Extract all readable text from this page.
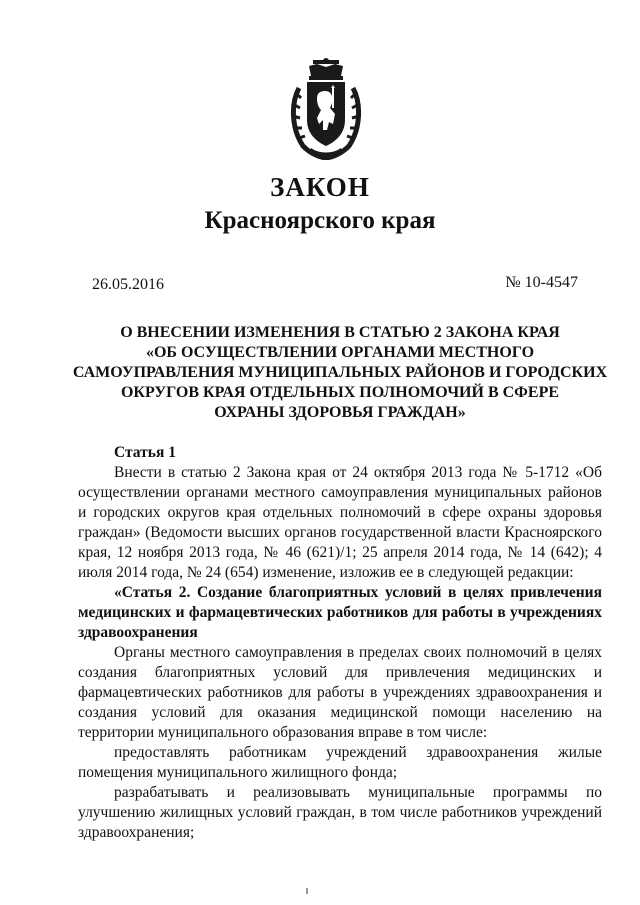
ЗАКОН
Красноярского края
26.05.2016	№ 10-4547
О ВНЕСЕНИИ ИЗМЕНЕНИЯ В СТАТЬЮ 2 ЗАКОНА КРАЯ
«ОБ ОСУЩЕСТВЛЕНИИ ОРГАНАМИ МЕСТНОГО
САМОУПРАВЛЕНИЯ МУНИЦИПАЛЬНЫХ РАЙОНОВ И ГОРОДСКИХ
ОКРУГОВ КРАЯ ОТДЕЛЬНЫХ ПОЛНОМОЧИЙ В СФЕРЕ
ОХРАНЫ ЗДОРОВЬЯ ГРАЖДАН»
Статья 1

Внести в статью 2 Закона края от 24 октября 2013 года № 5-1712 «Об осуществлении органами местного самоуправления муниципальных районов и городских округов края отдельных полномочий в сфере охраны здоровья граждан» (Ведомости высших органов государственной власти Красноярского края, 12 ноября 2013 года, № 46 (621)/1; 25 апреля 2014 года, № 14 (642); 4 июля 2014 года, № 24 (654) изменение, изложив ее в следующей редакции:

«Статья 2. Создание благоприятных условий в целях привлечения медицинских и фармацевтических работников для работы в учреждениях здравоохранения

Органы местного самоуправления в пределах своих полномочий в целях создания благоприятных условий для привлечения медицинских и фармацевтических работников для работы в учреждениях здравоохранения и создания условий для оказания медицинской помощи населению на территории муниципального образования вправе в том числе:

предоставлять работникам учреждений здравоохранения жилые помещения муниципального жилищного фонда;

разрабатывать и реализовывать муниципальные программы по улучшению жилищных условий граждан, в том числе работников учреждений здравоохранения;
